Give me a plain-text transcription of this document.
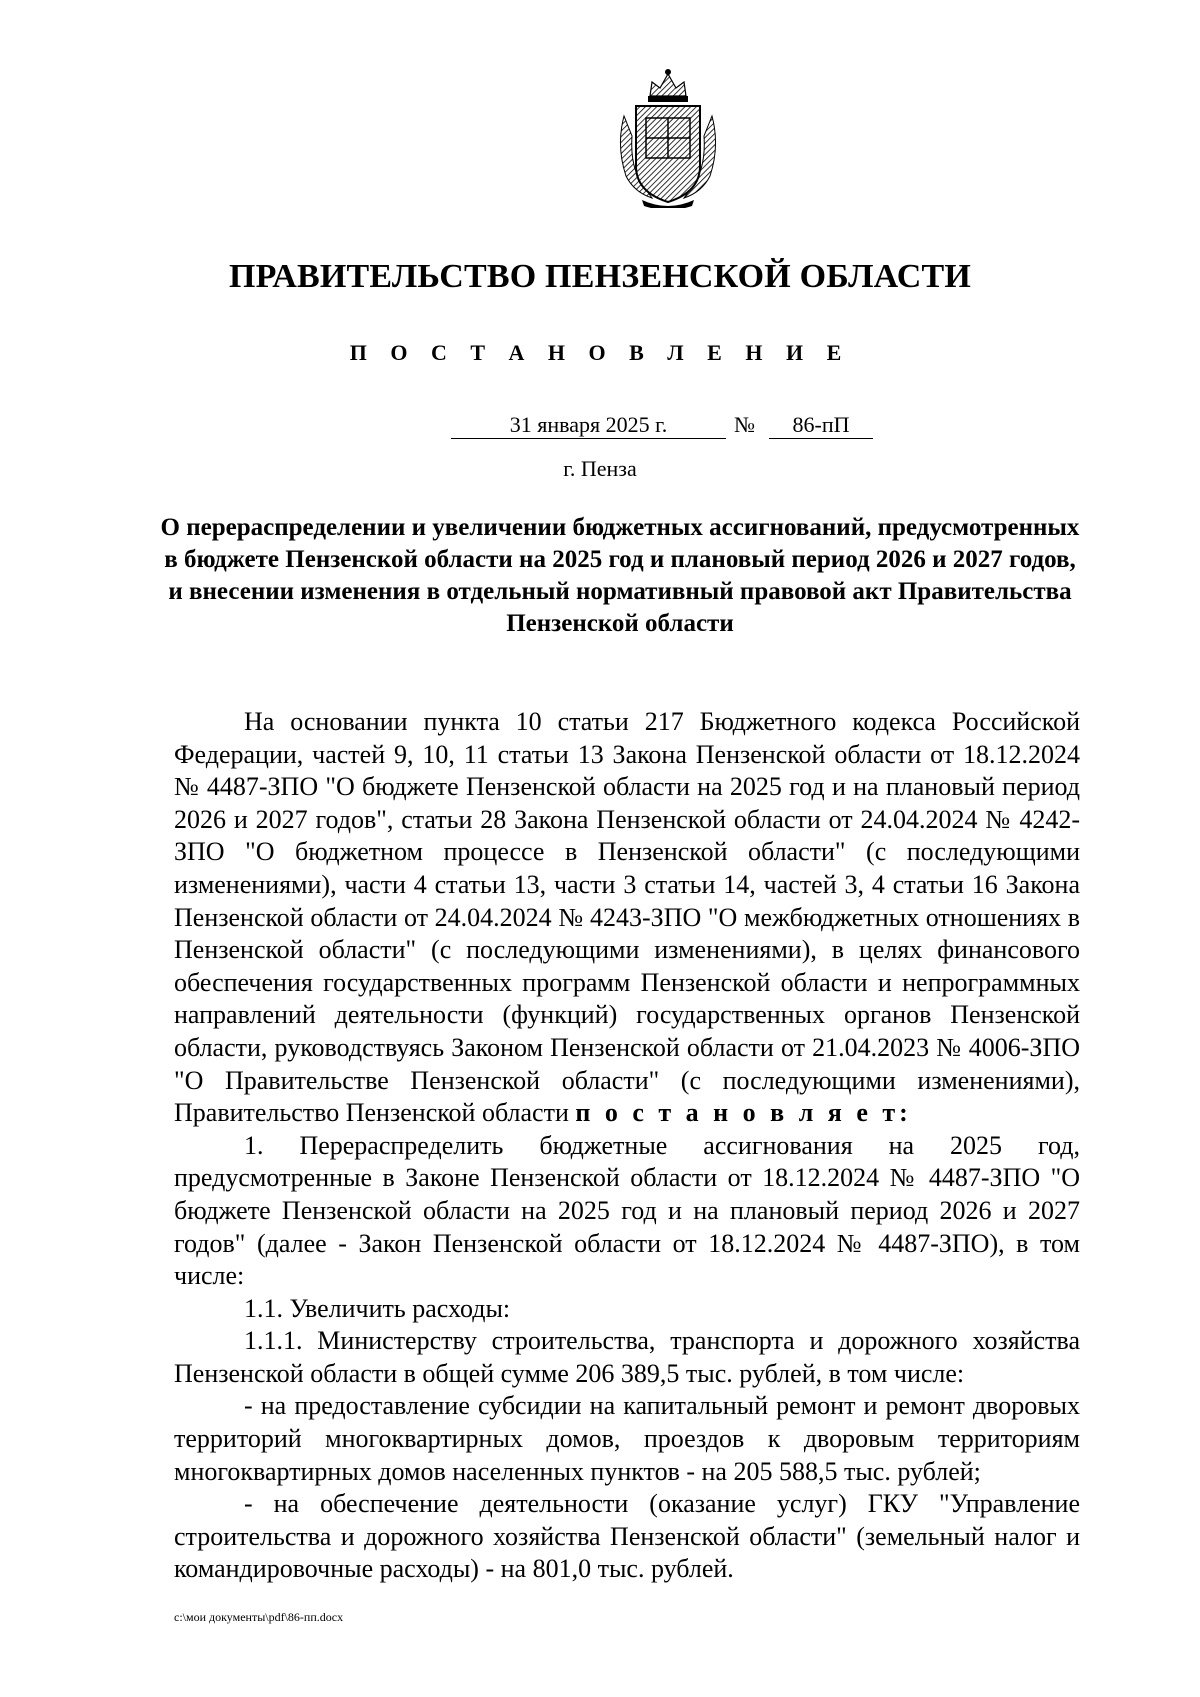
ПРАВИТЕЛЬСТВО ПЕНЗЕНСКОЙ ОБЛАСТИ
П О С Т А Н О В Л Е Н И Е
31 января 2025 г.	№	86-пП
г. Пенза
О перераспределении и увеличении бюджетных ассигнований, предусмотренных в бюджете Пензенской области на 2025 год и плановый период 2026 и 2027 годов, и внесении изменения в отдельный нормативный правовой акт Правительства Пензенской области

На основании пункта 10 статьи 217 Бюджетного кодекса Российской Федерации, частей 9, 10, 11 статьи 13 Закона Пензенской области от 18.12.2024 № 4487-ЗПО "О бюджете Пензенской области на 2025 год и на плановый период 2026 и 2027 годов", статьи 28 Закона Пензенской области от 24.04.2024 № 4242-ЗПО "О бюджетном процессе в Пензенской области" (с последующими изменениями), части 4 статьи 13, части 3 статьи 14, частей 3, 4 статьи 16 Закона Пензенской области от 24.04.2024 № 4243-ЗПО "О межбюджетных отношениях в Пензенской области" (с последующими изменениями), в целях финансового обеспечения государственных программ Пензенской области и непрограммных направлений деятельности (функций) государственных органов Пензенской области, руководствуясь Законом Пензенской области от 21.04.2023 № 4006-ЗПО "О Правительстве Пензенской области" (с последующими изменениями), Правительство Пензенской области п о с т а н о в л я е т:

1. Перераспределить бюджетные ассигнования на 2025 год, предусмотренные в Законе Пензенской области от 18.12.2024 № 4487-ЗПО "О бюджете Пензенской области на 2025 год и на плановый период 2026 и 2027 годов" (далее - Закон Пензенской области от 18.12.2024 № 4487-ЗПО), в том числе:

1.1. Увеличить расходы:

1.1.1. Министерству строительства, транспорта и дорожного хозяйства Пензенской области в общей сумме 206 389,5 тыс. рублей, в том числе:

- на предоставление субсидии на капитальный ремонт и ремонт дворовых территорий многоквартирных домов, проездов к дворовым территориям многоквартирных домов населенных пунктов - на 205 588,5 тыс. рублей;

- на обеспечение деятельности (оказание услуг) ГКУ "Управление строительства и дорожного хозяйства Пензенской области" (земельный налог и командировочные расходы) - на 801,0 тыс. рублей.

c:\мои документы\pdf\86-пп.docx
